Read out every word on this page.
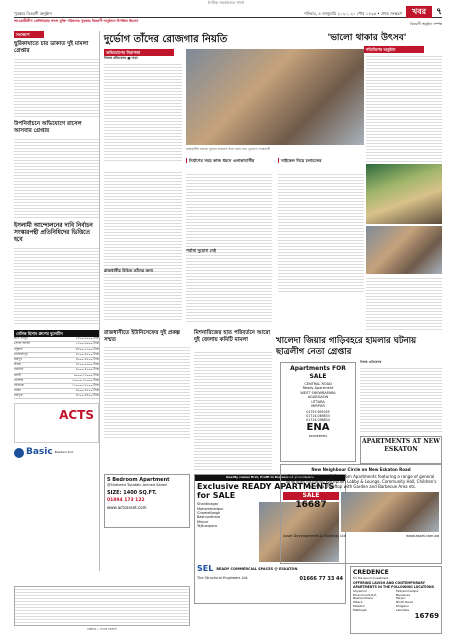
দৈনিক সমকালের সাথে
পুরস্কার বিতরণী অনুষ্ঠান	শনিবার, ৪ জানুয়ারি ২০২০, ২০ পৌষ ১৪২৬ • প্রথম সংস্করণ	খবর	৭
আওয়ামীলীগ প্রেসিডিয়াম সদস্য মুক্তি পরিষদের পুরস্কার বিতরণী অনুষ্ঠানে উপস্থিত ছিলেন
বিতরণী অনুষ্ঠান সম্পন্ন
সংক্ষেপে
ছুরিকাঘাতে চার ডাকাত দুই মামলা গ্রেপ্তার
উপনির্বাচনে অভিযোগে রাসেল আসবার গ্রেপ্তার
ইসলামী আন্দোলনের দাবি নির্বাচন সংস্কারপন্থী প্রতিনিধিদের ভিত্তিতে হবে
বেসিক হিসাব গ্রুপের বুলেটিন
প্রতি বর্গফুট	৫৮০০-৬০০০ টাকা
সেলস অফিস	৫৫০০-৬০০০ টাকা
বসুন্ধরা	৪৮০০-৫২০০ টাকা
মোহাম্মদপুর	৪২০০-৪৫০০ টাকা
মিরপুর	৪০০০-৪৫০০ টাকা
উত্তরা	৪৫০০-৫০০০ টাকা
ধানমন্ডি	৬০০০-৮০০০ টাকা
বনানী	৯০০০-১২০০০ টাকা
গুলশান	১০০০০-১৫০০০ টাকা
বারিধারা	১২০০০-১৫০০০ টাকা
বাড্ডা	৪০০০-৪৫০০ টাকা
রামপুরা	৪২০০-৪৮০০ টাকা
ACTS
Basic Builders Ltd.
দুর্ভোগ তাঁদের রোজগার নিয়তি
অভিযোগের নিরাপত্তা
নিজস্ব প্রতিবেদক ■ ঢাকা
রাজধানীর সড়কে পুরনো বাহনের সঙ্গে এমন সাত দুর্ভোগে নগরবাসী
নির্মাণের সময় কাজ ধরনে এলাকাবাসীর	সাইকেল নিয়ে চলাচলের
রাজধানীর উচিত তাঁদের জন্য
পর্যাপ্ত সুযোগ নেই
রাজধানীতে ইউনিসেফের দুই প্রকল্প সম্মত
মিশনারিজের হাত পরিবর্তনে আরো দুই জেলায় কমিটি মামলা
'ভালো থাকার উৎসব'
শতিবিশেষ অনুষ্ঠান
খালেদা জিয়ার গাড়িবহরে হামলার ঘটনায় ছাত্রলীগ নেতা গ্রেপ্তার
নিজস্ব প্রতিবেদক
Apartments FOR SALE
CENTRAL ROAD
Ready Apartment
WEST SHEWRAPARA
AGARGAON
UTTARA
MIRPUR
01755 655055
01714-089833
01714-096834
ENA
PROPERTIES
Quality comes first, Profit in the second precedence
Exclusive READY APARTMENTS for SALE
Shantinagar
Mohammadpur
Chamelibagh
Bashundhara
Mirpur
Tejkunipara
SEL READY COMMERCIAL SPACES @ ESKATON
The Structural Engineers Ltd.	01666 77 33 44
APARTMENTS AT NEW ESKATON
New Neighbour Circle on New Eskaton Road
Beautifully designed 3 Bedroom Apartments featuring a range of general amenities including Reception Lobby & Lounge, Community Hall, Children's Play Area, Rooftop with Garden and Barbecue Area etc.
SALE
16687
Asset Developments & Holdings Ltd	www.asset.com.bd
CREDENCE
for the sound investment
OFFERING LAVISH AND CONTEMPORARY APARTMENTS IN THE FOLLOWING LOCATIONS
Shyamoli	Mohammadpur
Dhanmondi R/A	Banasree
Bashundhara	Mirpur
Uttara	North Road
Eskaton	Khilgaon
Malibagh	Lalmatia
16769
5 Bedroom Apartment
@Shaheed Tajuddin Ahmed Sarani
SIZE: 1400 SQ.FT.
01894 173 122
www.actsasset.com
বিজ্ঞপ্তি • দৈনিক সমকাল
